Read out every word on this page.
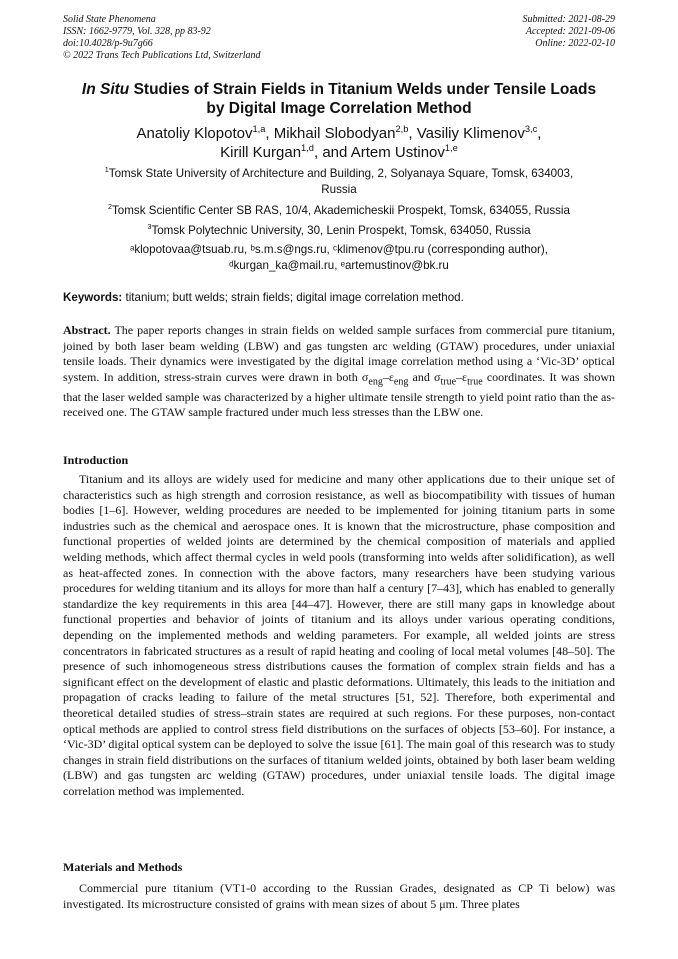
Solid State Phenomena
ISSN: 1662-9779, Vol. 328, pp 83-92
doi:10.4028/p-9u7g66
© 2022 Trans Tech Publications Ltd, Switzerland
Submitted: 2021-08-29
Accepted: 2021-09-06
Online: 2022-02-10
In Situ Studies of Strain Fields in Titanium Welds under Tensile Loads
by Digital Image Correlation Method
Anatoliy Klopotov$^{1,a}$, Mikhail Slobodyan$^{2,b}$, Vasiliy Klimenov$^{3,c}$,
Kirill Kurgan$^{1,d}$, and Artem Ustinov$^{1,e}$
$^1$Tomsk State University of Architecture and Building, 2, Solyanaya Square, Tomsk, 634003,
Russia
$^2$Tomsk Scientific Center SB RAS, 10/4, Akademicheskii Prospekt, Tomsk, 634055, Russia
$^3$Tomsk Polytechnic University, 30, Lenin Prospekt, Tomsk, 634050, Russia
ᵃklopotovaa@tsuab.ru, ᵇs.m.s@ngs.ru, ᶜklimenov@tpu.ru (corresponding author),
ᵈkurgan_ka@mail.ru, ᵉartemustinov@bk.ru
Keywords: titanium; butt welds; strain fields; digital image correlation method.
Abstract. The paper reports changes in strain fields on welded sample surfaces from commercial pure titanium, joined by both laser beam welding (LBW) and gas tungsten arc welding (GTAW) procedures, under uniaxial tensile loads. Their dynamics were investigated by the digital image correlation method using a ‘Vic-3D’ optical system. In addition, stress-strain curves were drawn in both $\sigma_{eng}-\varepsilon_{eng}$ and $\sigma_{true}-\varepsilon_{true}$ coordinates. It was shown that the laser welded sample was characterized by a higher ultimate tensile strength to yield point ratio than the as-received one. The GTAW sample fractured under much less stresses than the LBW one.
Introduction
Titanium and its alloys are widely used for medicine and many other applications due to their unique set of characteristics such as high strength and corrosion resistance, as well as biocompatibility with tissues of human bodies [1–6]. However, welding procedures are needed to be implemented for joining titanium parts in some industries such as the chemical and aerospace ones. It is known that the microstructure, phase composition and functional properties of welded joints are determined by the chemical composition of materials and applied welding methods, which affect thermal cycles in weld pools (transforming into welds after solidification), as well as heat-affected zones. In connection with the above factors, many researchers have been studying various procedures for welding titanium and its alloys for more than half a century [7–43], which has enabled to generally standardize the key requirements in this area [44–47]. However, there are still many gaps in knowledge about functional properties and behavior of joints of titanium and its alloys under various operating conditions, depending on the implemented methods and welding parameters. For example, all welded joints are stress concentrators in fabricated structures as a result of rapid heating and cooling of local metal volumes [48–50]. The presence of such inhomogeneous stress distributions causes the formation of complex strain fields and has a significant effect on the development of elastic and plastic deformations. Ultimately, this leads to the initiation and propagation of cracks leading to failure of the metal structures [51, 52]. Therefore, both experimental and theoretical detailed studies of stress–strain states are required at such regions. For these purposes, non-contact optical methods are applied to control stress field distributions on the surfaces of objects [53–60]. For instance, a ‘Vic-3D’ digital optical system can be deployed to solve the issue [61]. The main goal of this research was to study changes in strain field distributions on the surfaces of titanium welded joints, obtained by both laser beam welding (LBW) and gas tungsten arc welding (GTAW) procedures, under uniaxial tensile loads. The digital image correlation method was implemented.
Materials and Methods
Commercial pure titanium (VT1-0 according to the Russian Grades, designated as CP Ti below) was investigated. Its microstructure consisted of grains with mean sizes of about 5 μm. Three plates
